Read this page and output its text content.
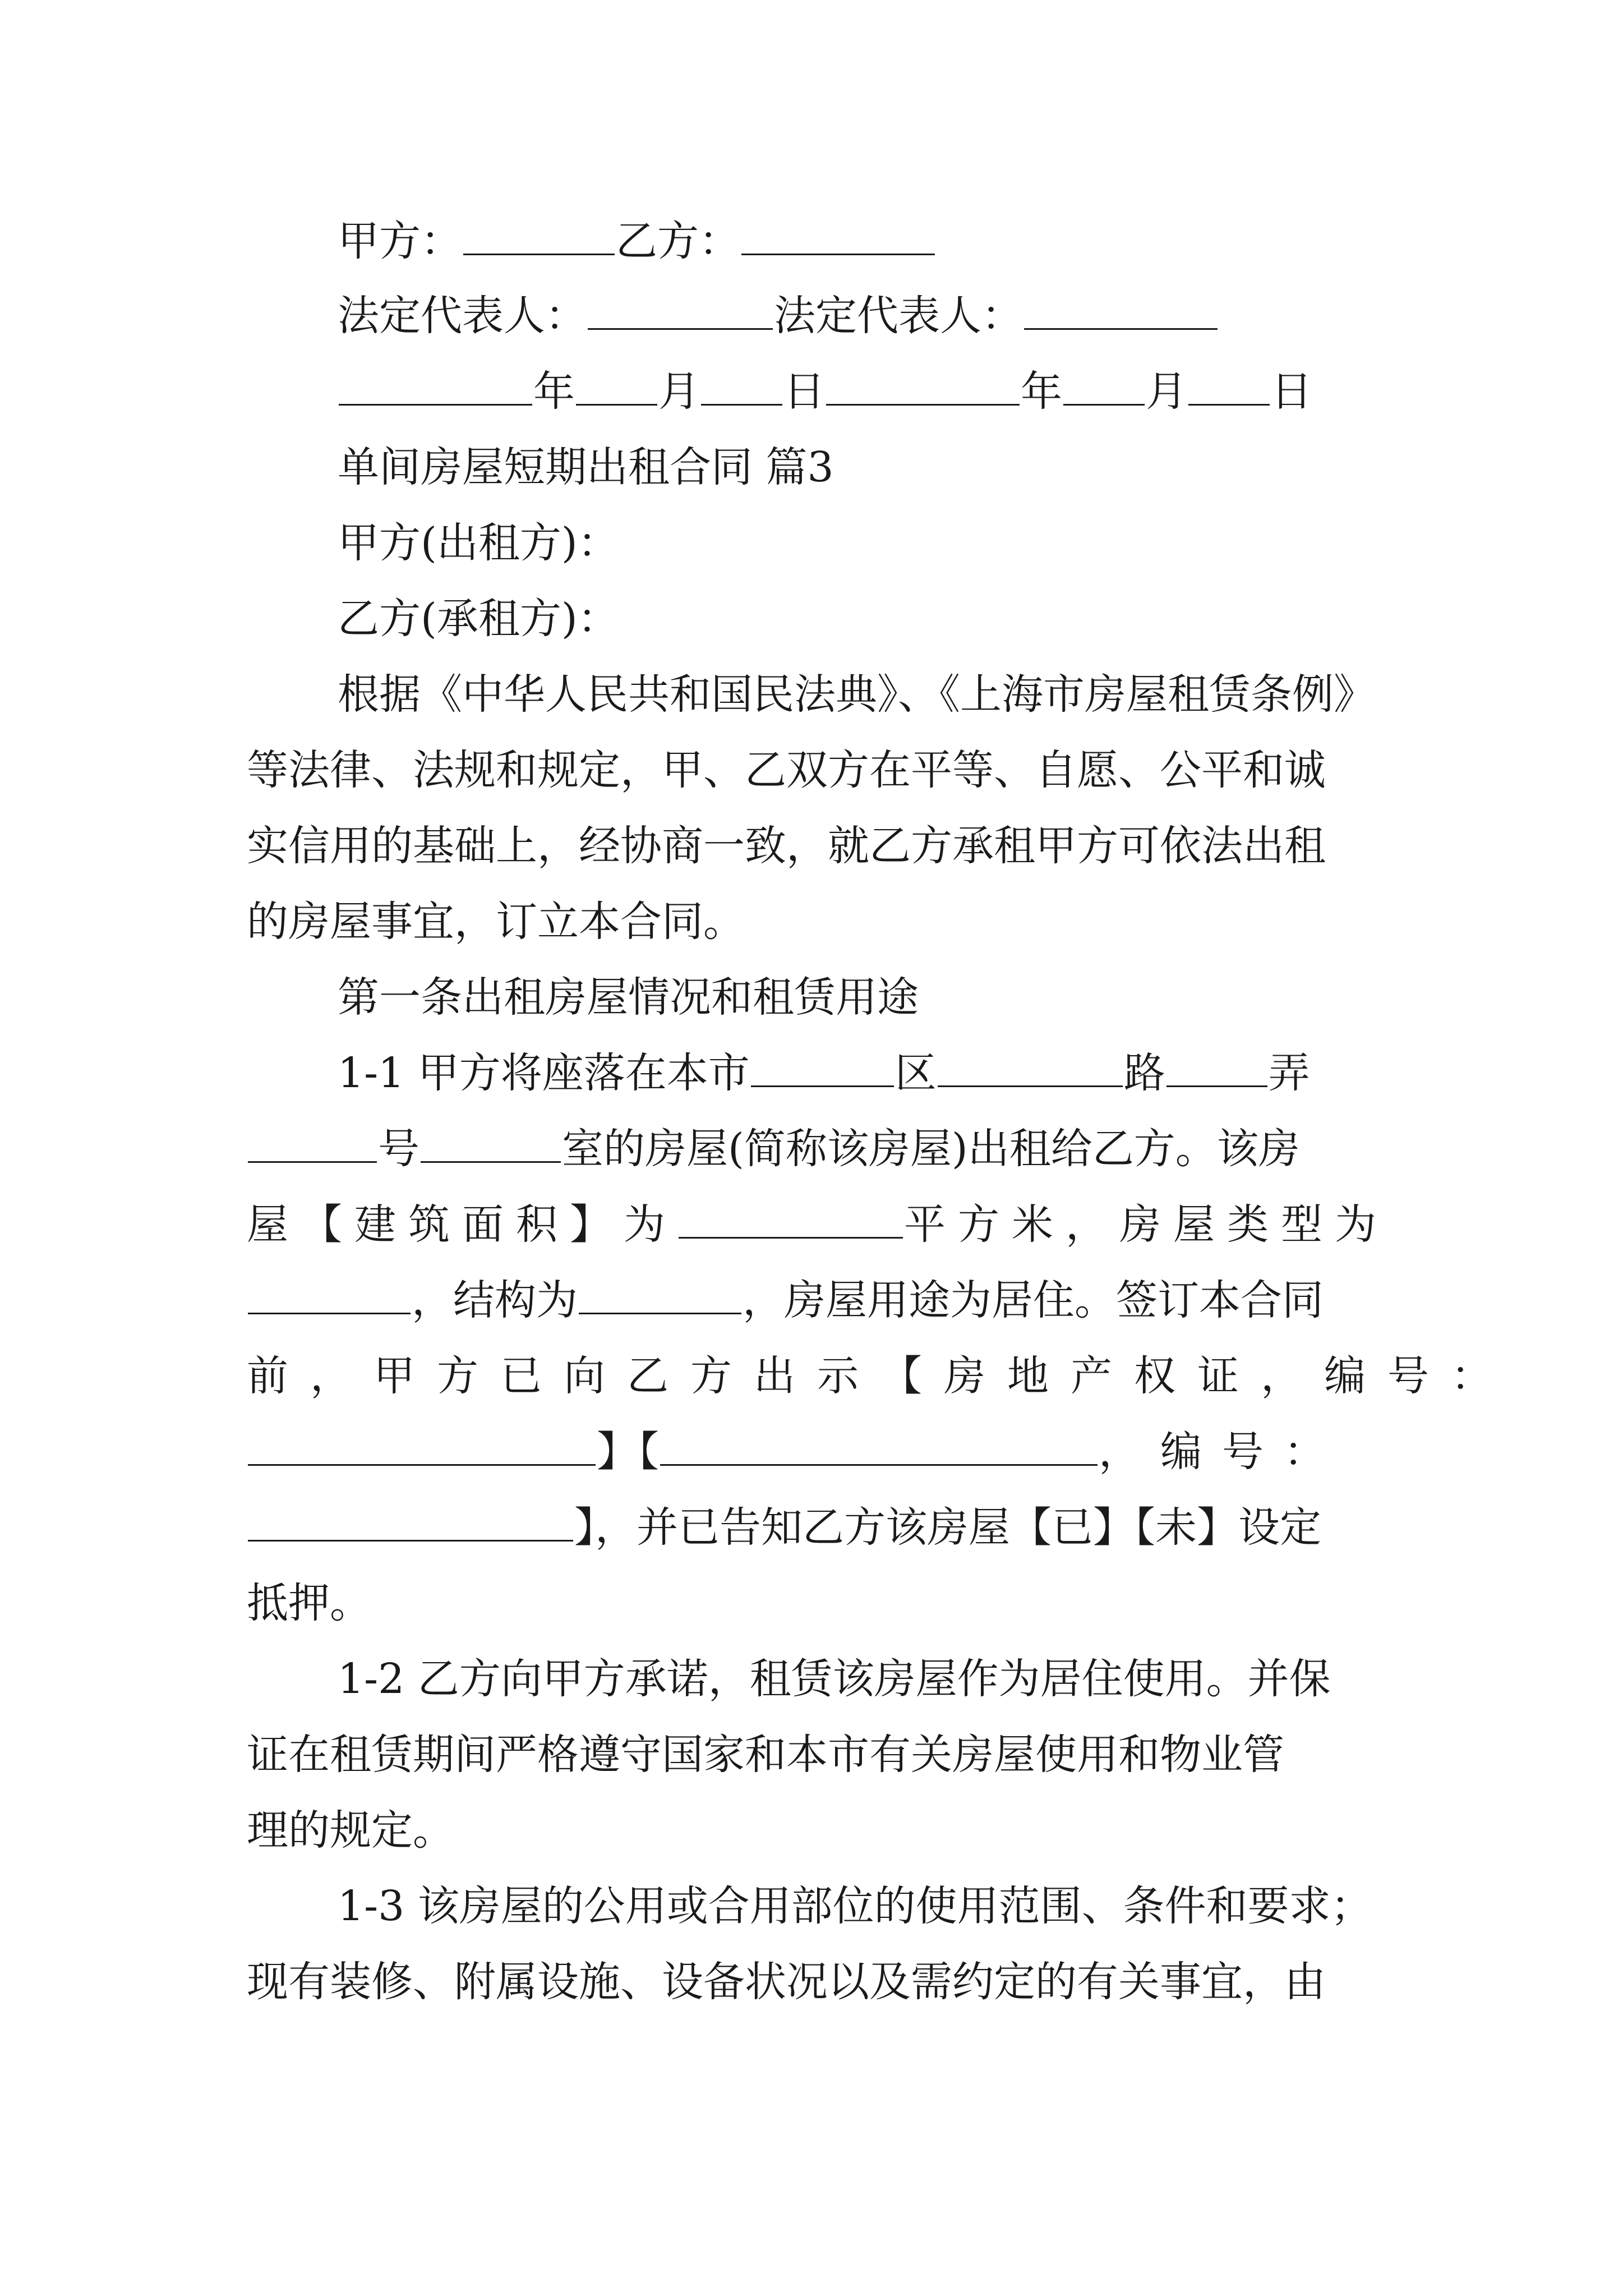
甲方：	乙方：
法定代表人：	法定代表人：
年 月 日	年 月 日
单间房屋短期出租合同 篇3
甲方(出租方)：
乙方(承租方)：
根据《中华人民共和国民法典》、《上海市房屋租赁条例》
等法律、法规和规定，甲、乙双方在平等、自愿、公平和诚
实信用的基础上，经协商一致，就乙方承租甲方可依法出租
的房屋事宜，订立本合同。
第一条出租房屋情况和租赁用途
1-1 甲方将座落在本市	区	路 弄
号	室的房屋(简称该房屋)出租给乙方。该房
屋【建筑面积】为	平方米，房屋类型为
，结构为	，房屋用途为居住。签订本合同
前，甲方已向乙方出示【房地产权证，编号：
】【	，编号：
】，并已告知乙方该房屋【已】【未】设定
抵押。
1-2 乙方向甲方承诺，租赁该房屋作为居住使用。并保
证在租赁期间严格遵守国家和本市有关房屋使用和物业管
理的规定。
1-3 该房屋的公用或合用部位的使用范围、条件和要求；
现有装修、附属设施、设备状况以及需约定的有关事宜，由
